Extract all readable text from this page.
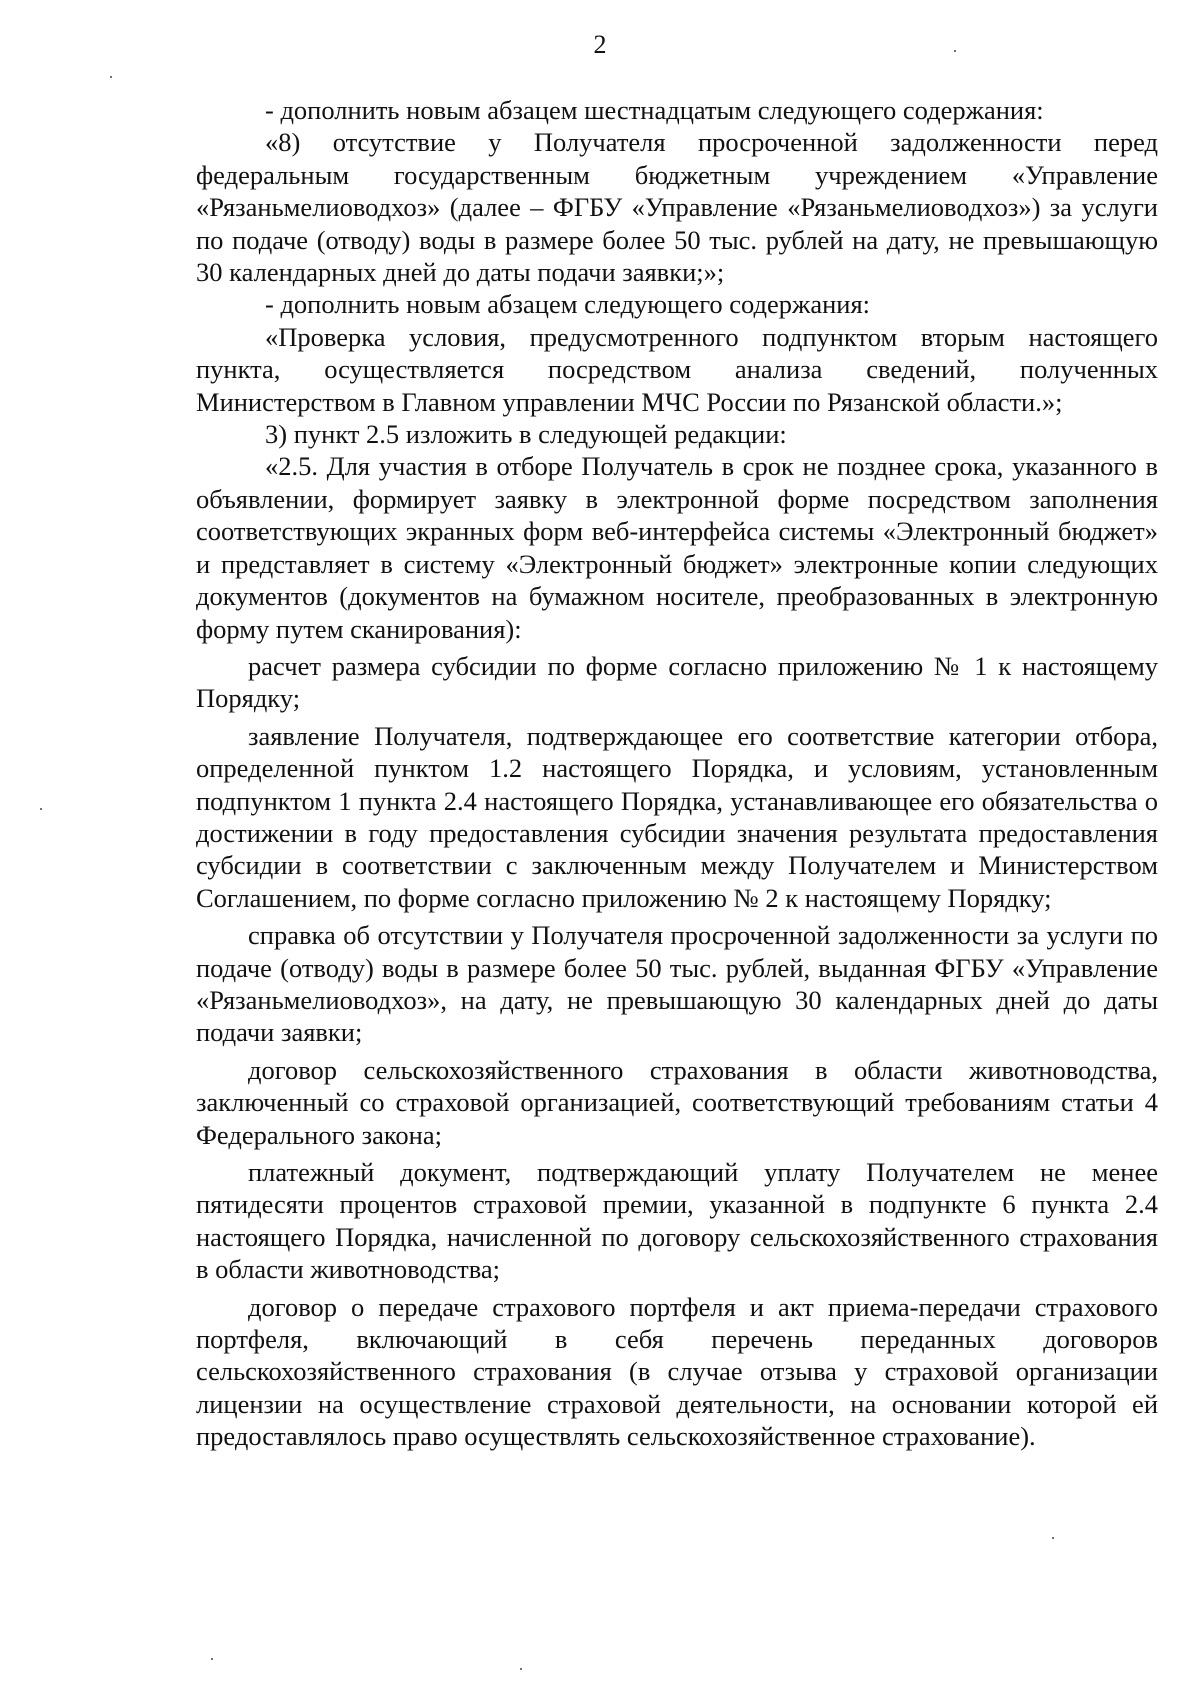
2

- дополнить новым абзацем шестнадцатым следующего содержания:

«8) отсутствие у Получателя просроченной задолженности перед федеральным государственным бюджетным учреждением «Управление «Рязаньмелиоводхоз» (далее – ФГБУ «Управление «Рязаньмелиоводхоз») за услуги по подаче (отводу) воды в размере более 50 тыс. рублей на дату, не превышающую 30 календарных дней до даты подачи заявки;»;

- дополнить новым абзацем следующего содержания:

«Проверка условия, предусмотренного подпунктом вторым настоящего пункта, осуществляется посредством анализа сведений, полученных Министерством в Главном управлении МЧС России по Рязанской области.»;

3) пункт 2.5 изложить в следующей редакции:

«2.5. Для участия в отборе Получатель в срок не позднее срока, указанного в объявлении, формирует заявку в электронной форме посредством заполнения соответствующих экранных форм веб-интерфейса системы «Электронный бюджет» и представляет в систему «Электронный бюджет» электронные копии следующих документов (документов на бумажном носителе, преобразованных в электронную форму путем сканирования):

расчет размера субсидии по форме согласно приложению № 1 к настоящему Порядку;

заявление Получателя, подтверждающее его соответствие категории отбора, определенной пунктом 1.2 настоящего Порядка, и условиям, установленным подпунктом 1 пункта 2.4 настоящего Порядка, устанавливающее его обязательства о достижении в году предоставления субсидии значения результата предоставления субсидии в соответствии с заключенным между Получателем и Министерством Соглашением, по форме согласно приложению № 2 к настоящему Порядку;

справка об отсутствии у Получателя просроченной задолженности за услуги по подаче (отводу) воды в размере более 50 тыс. рублей, выданная ФГБУ «Управление «Рязаньмелиоводхоз», на дату, не превышающую 30 календарных дней до даты подачи заявки;

договор сельскохозяйственного страхования в области животноводства, заключенный со страховой организацией, соответствующий требованиям статьи 4 Федерального закона;

платежный документ, подтверждающий уплату Получателем не менее пятидесяти процентов страховой премии, указанной в подпункте 6 пункта 2.4 настоящего Порядка, начисленной по договору сельскохозяйственного страхования в области животноводства;

договор о передаче страхового портфеля и акт приема-передачи страхового портфеля, включающий в себя перечень переданных договоров сельскохозяйственного страхования (в случае отзыва у страховой организации лицензии на осуществление страховой деятельности, на основании которой ей предоставлялось право осуществлять сельскохозяйственное страхование).
